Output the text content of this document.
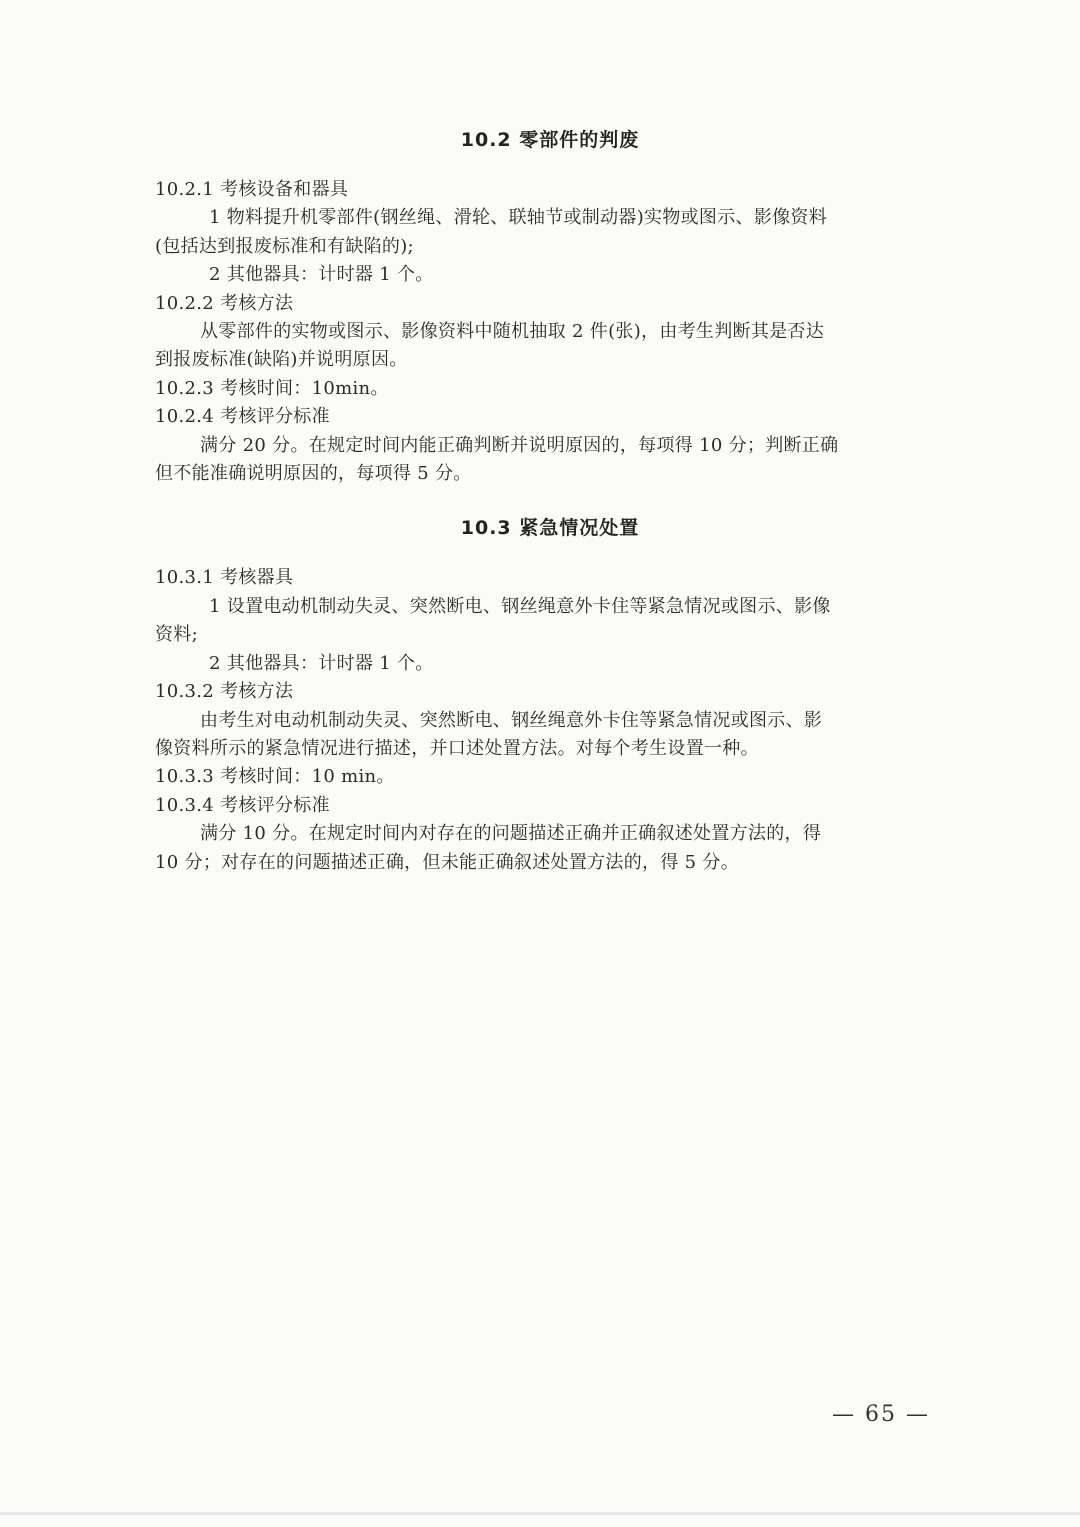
10.2 零部件的判废
10.2.1 考核设备和器具
1 物料提升机零部件(钢丝绳、滑轮、联轴节或制动器)实物或图示、影像资料
(包括达到报废标准和有缺陷的);
2 其他器具：计时器 1 个。
10.2.2 考核方法
从零部件的实物或图示、影像资料中随机抽取 2 件(张)，由考生判断其是否达
到报废标准(缺陷)并说明原因。
10.2.3 考核时间：10min。
10.2.4 考核评分标准
满分 20 分。在规定时间内能正确判断并说明原因的，每项得 10 分；判断正确
但不能准确说明原因的，每项得 5 分。
10.3 紧急情况处置
10.3.1 考核器具
1 设置电动机制动失灵、突然断电、钢丝绳意外卡住等紧急情况或图示、影像
资料;
2 其他器具：计时器 1 个。
10.3.2 考核方法
由考生对电动机制动失灵、突然断电、钢丝绳意外卡住等紧急情况或图示、影
像资料所示的紧急情况进行描述，并口述处置方法。对每个考生设置一种。
10.3.3 考核时间：10 min。
10.3.4 考核评分标准
满分 10 分。在规定时间内对存在的问题描述正确并正确叙述处置方法的，得
10 分；对存在的问题描述正确，但未能正确叙述处置方法的，得 5 分。
— 65 —
